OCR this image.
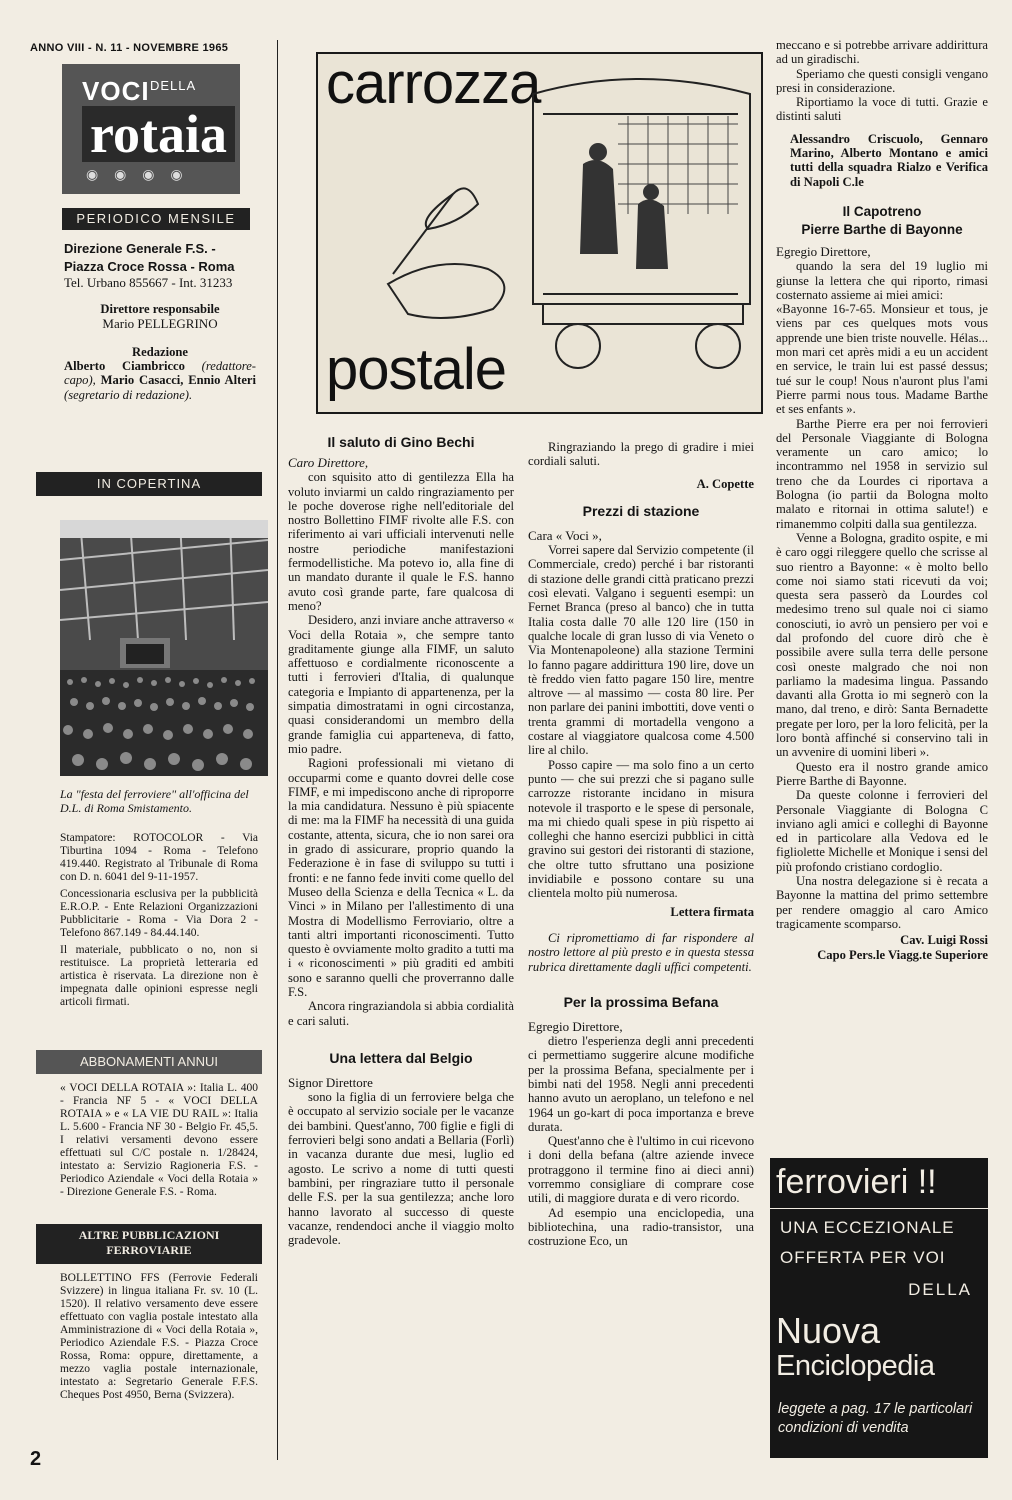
ANNO VIII - N. 11 - NOVEMBRE 1965
VOCI DELLA
rotaia
◉ ◉ ◉ ◉
PERIODICO MENSILE

Direzione Generale F.S. - Piazza Croce Rossa - Roma

Tel. Urbano 855667 - Int. 31233

Direttore responsabile

Mario PELLEGRINO

Redazione

Alberto Ciambricco (redattore-capo), Mario Casacci, Ennio Alteri (segretario di redazione).

IN COPERTINA

La "festa del ferroviere" all'officina del D.L. di Roma Smistamento.

Stampatore: ROTOCOLOR - Via Tiburtina 1094 - Roma - Telefono 419.440. Registrato al Tribunale di Roma con D. n. 6041 del 9-11-1957.

Concessionaria esclusiva per la pubblicità E.R.O.P. - Ente Relazioni Organizzazioni Pubblicitarie - Roma - Via Dora 2 - Telefono 867.149 - 84.44.140.

Il materiale, pubblicato o no, non si restituisce. La proprietà letteraria ed artistica è riservata. La direzione non è impegnata dalle opinioni espresse negli articoli firmati.

ABBONAMENTI ANNUI

« VOCI DELLA ROTAIA »: Italia L. 400 - Francia NF 5 - « VOCI DELLA ROTAIA » e « LA VIE DU RAIL »: Italia L. 5.600 - Francia NF 30 - Belgio Fr. 45,5. I relativi versamenti devono essere effettuati sul C/C postale n. 1/28424, intestato a: Servizio Ragioneria F.S. - Periodico Aziendale « Voci della Rotaia » - Direzione Generale F.S. - Roma.

ALTRE PUBBLICAZIONI
FERROVIARIE

BOLLETTINO FFS (Ferrovie Federali Svizzere) in lingua italiana Fr. sv. 10 (L. 1520). Il relativo versamento deve essere effettuato con vaglia postale intestato alla Amministrazione di « Voci della Rotaia », Periodico Aziendale F.S. - Piazza Croce Rossa, Roma: oppure, direttamente, a mezzo vaglia postale internazionale, intestato a: Segretario Generale F.F.S. Cheques Post 4950, Berna (Svizzera).

carrozza
postale

Il saluto di Gino Bechi

Caro Direttore,

con squisito atto di gentilezza Ella ha voluto inviarmi un caldo ringraziamento per le poche doverose righe nell'editoriale del nostro Bollettino FIMF rivolte alle F.S. con riferimento ai vari ufficiali intervenuti nelle nostre periodiche manifestazioni fermodellistiche. Ma potevo io, alla fine di un mandato durante il quale le F.S. hanno avuto così grande parte, fare qualcosa di meno?

Desidero, anzi inviare anche attraverso « Voci della Rotaia », che sempre tanto graditamente giunge alla FIMF, un saluto affettuoso e cordialmente riconoscente a tutti i ferrovieri d'Italia, di qualunque categoria e Impianto di appartenenza, per la simpatia dimostratami in ogni circostanza, quasi considerandomi un membro della grande famiglia cui appartenevа, di fatto, mio padre.

Ragioni professionali mi vietano di occuparmi come e quanto dovrei delle cose FIMF, e mi impediscono anche di riproporre la mia candidatura. Nessuno è più spiacente di me: ma la FIMF ha necessità di una guida costante, attenta, sicura, che io non sarei ora in grado di assicurare, proprio quando la Federazione è in fase di sviluppo su tutti i fronti: e ne fanno fede inviti come quello del Museo della Scienza e della Tecnica « L. da Vinci » in Milano per l'allestimento di una Mostra di Modellismo Ferroviario, oltre a tanti altri importanti riconoscimenti. Tutto questo è ovviamente molto gradito a tutti ma i « riconoscimenti » più graditi ed ambiti sono e saranno quelli che proverranno dalle F.S.

Ancora ringraziandola si abbia cordialità e cari saluti.

Una lettera dal Belgio

Signor Direttore

sono la figlia di un ferroviere belga che è occupato al servizio sociale per le vacanze dei bambini. Quest'anno, 700 figlie e figli di ferrovieri belgi sono andati a Bellaria (Forlì) in vacanza durante due mesi, luglio ed agosto. Le scrivo a nome di tutti questi bambini, per ringraziare tutto il personale delle F.S. per la sua gentilezza; anche loro hanno lavorato al successo di queste vacanze, rendendoci anche il viaggio molto gradevole.

Ringraziando la prego di gradire i miei cordiali saluti.

A. Copette

Prezzi di stazione

Cara « Voci »,

Vorrei sapere dal Servizio competente (il Commerciale, credo) perché i bar ristoranti di stazione delle grandi città praticano prezzi così elevati. Valgano i seguenti esempi: un Fernet Branca (preso al banco) che in tutta Italia costa dalle 70 alle 120 lire (150 in qualche locale di gran lusso di via Veneto o Via Montenapoleone) alla stazione Termini lo fanno pagare addirittura 190 lire, dove un tè freddo vien fatto pagare 150 lire, mentre altrove — al massimo — costa 80 lire. Per non parlare dei panini imbottiti, dove venti o trenta grammi di mortadella vengono a costare al viaggiatore qualcosa come 4.500 lire al chilo.

Posso capire — ma solo fino a un certo punto — che sui prezzi che si pagano sulle carrozze ristorante incidano in misura notevole il trasporto e le spese di personale, ma mi chiedo quali spese in più rispetto ai colleghi che hanno esercizi pubblici in città gravino sui gestori dei ristoranti di stazione, che oltre tutto sfruttano una posizione invidiabile e possono contare su una clientela molto più numerosa.

Lettera firmata

Ci ripromettiamo di far rispondere al nostro lettore al più presto e in questa stessa rubrica direttamente dagli uffici competenti.

Per la prossima Befana

Egregio Direttore,

dietro l'esperienza degli anni precedenti ci permettiamo suggerire alcune modifiche per la prossima Befana, specialmente per i bimbi nati del 1958. Negli anni precedenti hanno avuto un aeroplano, un telefono e nel 1964 un go-kart di poca importanza e breve durata.

Quest'anno che è l'ultimo in cui ricevono i doni della befana (altre aziende invece protraggono il termine fino ai dieci anni) vorremmo consigliare di comprare cose utili, di maggiore durata e di vero ricordo.

Ad esempio una enciclopedia, una bibliotechina, una radio-transistor, una costruzione Eco, un

meccano e si potrebbe arrivare addirittura ad un giradischi.

Speriamo che questi consigli vengano presi in considerazione.

Riportiamo la voce di tutti. Grazie e distinti saluti

Alessandro Criscuolo, Gennaro Marino, Alberto Montano e amici tutti della squadra Rialzo e Verifica di Napoli C.le

Il Capotreno

Pierre Barthe di Bayonne

Egregio Direttore,

quando la sera del 19 luglio mi giunse la lettera che qui riporto, rimasi costernato assieme ai miei amici:

«Bayonne 16-7-65. Monsieur et tous, je viens par ces quelques mots vous apprende une bien triste nouvelle. Hélas... mon mari cet après midi a eu un accident en service, le train lui est passé dessus; tué sur le coup! Nous n'auront plus l'ami Pierre parmi nous tous. Madame Barthe et ses enfants ».

Barthe Pierre era per noi ferrovieri del Personale Viaggiante di Bologna veramente un caro amico; lo incontrammo nel 1958 in servizio sul treno che da Lourdes ci riportava a Bologna (io partii da Bologna molto malato e ritornai in ottima salute!) e rimanemmo colpiti dalla sua gentilezza.

Venne a Bologna, gradito ospite, e mi è caro oggi rileggere quello che scrisse al suo rientro a Bayonne: « è molto bello come noi siamo stati ricevuti da voi; questa sera passerò da Lourdes col medesimo treno sul quale noi ci siamo conosciuti, io avrò un pensiero per voi e dal profondo del cuore dirò che è possibile avere sulla terra delle persone così oneste malgrado che noi non parliamo la madesima lingua. Passando davanti alla Grotta io mi segnerò con la mano, dal treno, e dirò: Santa Bernadette pregate per loro, per la loro felicità, per la loro bontà affinché si conservino tali in un avvenire di uomini liberi ».

Questo era il nostro grande amico Pierre Barthe di Bayonne.

Da queste colonne i ferrovieri del Personale Viaggiante di Bologna C inviano agli amici e colleghi di Bayonne ed in particolare alla Vedova ed le figliolette Michelle et Monique i sensi del più profondo cristiano cordoglio.

Una nostra delegazione si è recata a Bayonne la mattina del primo settembre per rendere omaggio al caro Amico tragicamente scomparso.

Cav. Luigi Rossi

Capo Pers.le Viagg.te Superiore

ferrovieri !!
UNA ECCEZIONALE
OFFERTA PER VOI
DELLA
Nuova
Enciclopedia
leggete a pag. 17 le particolari condizioni di vendita
2
